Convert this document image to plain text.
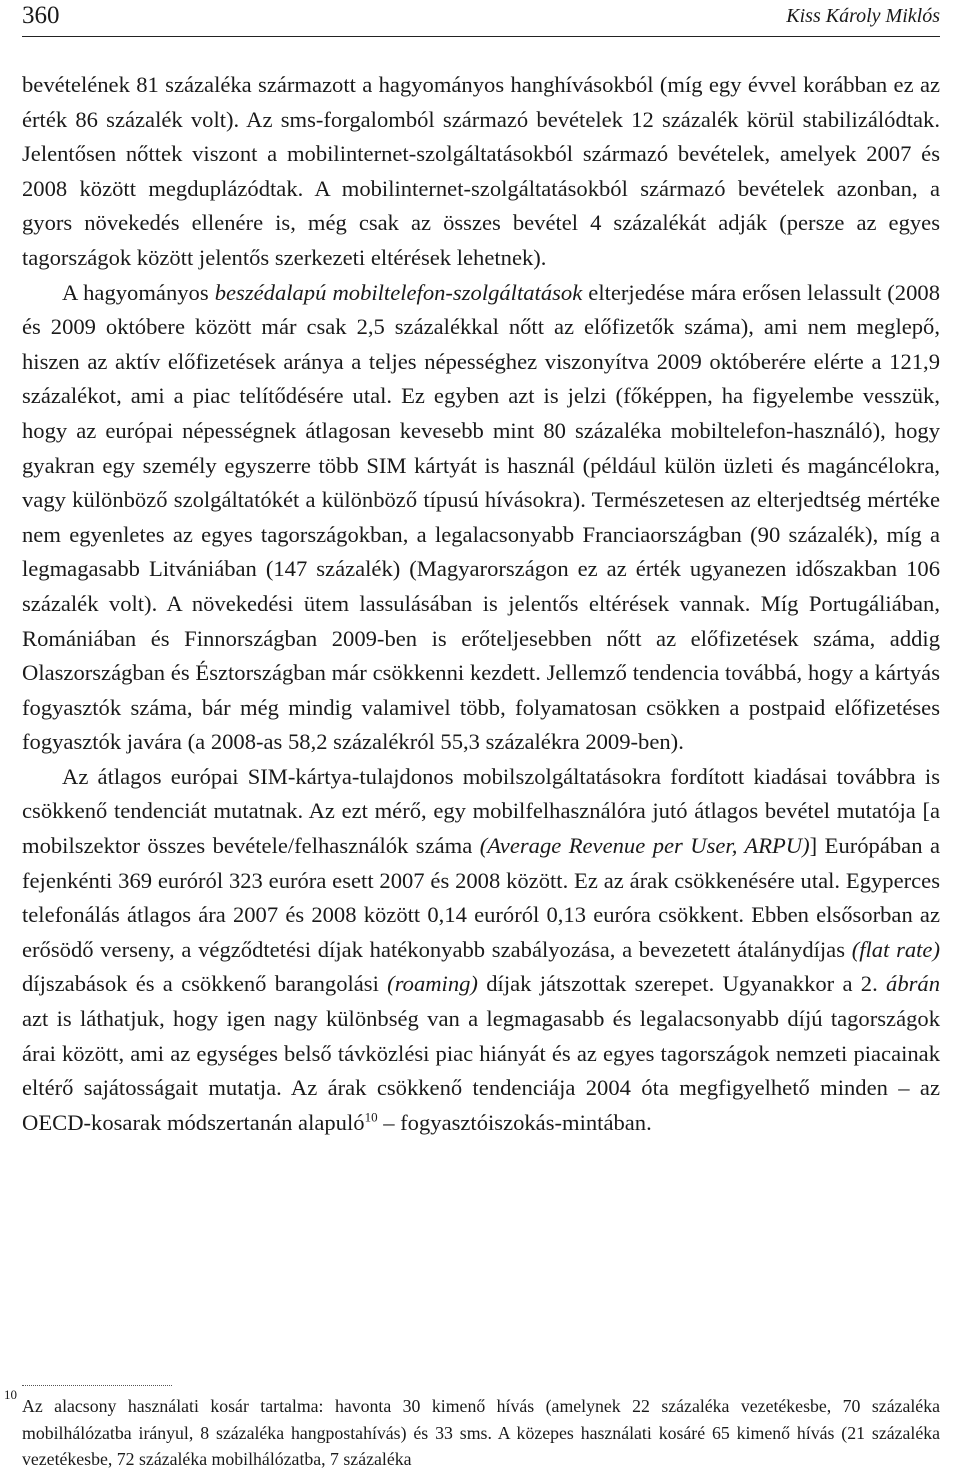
360	Kiss Károly Miklós

bevételének 81 százaléka származott a hagyományos hanghívásokból (míg egy évvel korábban ez az érték 86 százalék volt). Az sms-forgalomból származó bevételek 12 százalék körül stabilizálódtak. Jelentősen nőttek viszont a mobilinternet-szolgáltatásokból származó bevételek, amelyek 2007 és 2008 között megduplázódtak. A mobilinternet-szolgáltatásokból származó bevételek azonban, a gyors növekedés ellenére is, még csak az összes bevétel 4 százalékát adják (persze az egyes tagországok között jelentős szerkezeti eltérések lehetnek).

A hagyományos beszédalapú mobiltelefon-szolgáltatások elterjedése mára erősen lelassult (2008 és 2009 októbere között már csak 2,5 százalékkal nőtt az előfizetők száma), ami nem meglepő, hiszen az aktív előfizetések aránya a teljes népességhez viszonyítva 2009 októberére elérte a 121,9 százalékot, ami a piac telítődésére utal. Ez egyben azt is jelzi (főképpen, ha figyelembe vesszük, hogy az európai népességnek átlagosan kevesebb mint 80 százaléka mobiltelefon-használó), hogy gyakran egy személy egyszerre több SIM kártyát is használ (például külön üzleti és magáncélokra, vagy különböző szolgáltatókét a különböző típusú hívásokra). Természetesen az elterjedtség mértéke nem egyenletes az egyes tagországokban, a legalacsonyabb Franciaországban (90 százalék), míg a legmagasabb Litvániában (147 százalék) (Magyarországon ez az érték ugyanezen időszakban 106 százalék volt). A növekedési ütem lassulásában is jelentős eltérések vannak. Míg Portugáliában, Romániában és Finnországban 2009-ben is erőteljesebben nőtt az előfizetések száma, addig Olaszországban és Észtországban már csökkenni kezdett. Jellemző tendencia továbbá, hogy a kártyás fogyasztók száma, bár még mindig valamivel több, folyamatosan csökken a postpaid előfizetéses fogyasztók javára (a 2008-as 58,2 százalékról 55,3 százalékra 2009-ben).

Az átlagos európai SIM-kártya-tulajdonos mobilszolgáltatásokra fordított kiadásai továbbra is csökkenő tendenciát mutatnak. Az ezt mérő, egy mobilfelhasználóra jutó átlagos bevétel mutatója [a mobilszektor összes bevétele/felhasználók száma (Average Revenue per User, ARPU)] Európában a fejenkénti 369 euróról 323 euróra esett 2007 és 2008 között. Ez az árak csökkenésére utal. Egyperces telefonálás átlagos ára 2007 és 2008 között 0,14 euróról 0,13 euróra csökkent. Ebben elsősorban az erősödő verseny, a végződtetési díjak hatékonyabb szabályozása, a bevezetett átalánydíjas (flat rate) díjszabások és a csökkenő barangolási (roaming) díjak játszottak szerepet. Ugyanakkor a 2. ábrán azt is láthatjuk, hogy igen nagy különbség van a legmagasabb és legalacsonyabb díjú tagországok árai között, ami az egységes belső távközlési piac hiányát és az egyes tagországok nemzeti piacainak eltérő sajátosságait mutatja. Az árak csökkenő tendenciája 2004 óta megfigyelhető minden – az OECD-kosarak módszertanán alapuló$^{10}$ – fogyasztóiszokás-mintában.

10

Az alacsony használati kosár tartalma: havonta 30 kimenő hívás (amelynek 22 százaléka vezetékesbe, 70 százaléka mobilhálózatba irányul, 8 százaléka hangpostahívás) és 33 sms. A közepes használati kosáré 65 kimenő hívás (21 százaléka vezetékesbe, 72 százaléka mobilhálózatba, 7 százaléka
